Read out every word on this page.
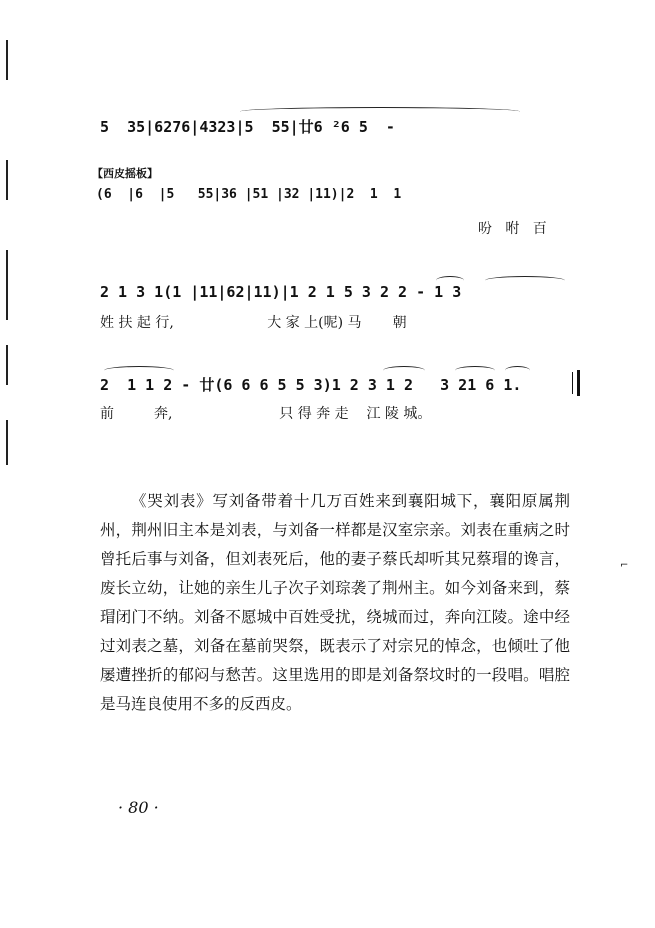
5  35|6276|4323|5  55|廿6 ²6 5  -
【西皮摇板】
(6  |6  |5   55|36 |51 |32 |11)|2  1  1
吩   咐   百
2 1 3 1(1 |11|62|11)|1 2 1 5 3 2 2 - 1 3
姓 扶 起 行,                     大 家 上(呢) 马       朝
2  1 1 2 - 廿(6 6 6 5 5 3)1 2 3 1 2   3 21 6 1.
前         奔,                        只 得 奔 走    江 陵 城。

《哭刘表》写刘备带着十几万百姓来到襄阳城下，襄阳原属荆州，荆州旧主本是刘表，与刘备一样都是汉室宗亲。刘表在重病之时曾托后事与刘备，但刘表死后，他的妻子蔡氏却听其兄蔡瑁的谗言，废长立幼，让她的亲生儿子次子刘琮袭了荆州主。如今刘备来到，蔡瑁闭门不纳。刘备不愿城中百姓受扰，绕城而过，奔向江陵。途中经过刘表之墓，刘备在墓前哭祭，既表示了对宗兄的悼念，也倾吐了他屡遭挫折的郁闷与愁苦。这里选用的即是刘备祭坟时的一段唱。唱腔是马连良使用不多的反西皮。

⌐
· 80 ·
